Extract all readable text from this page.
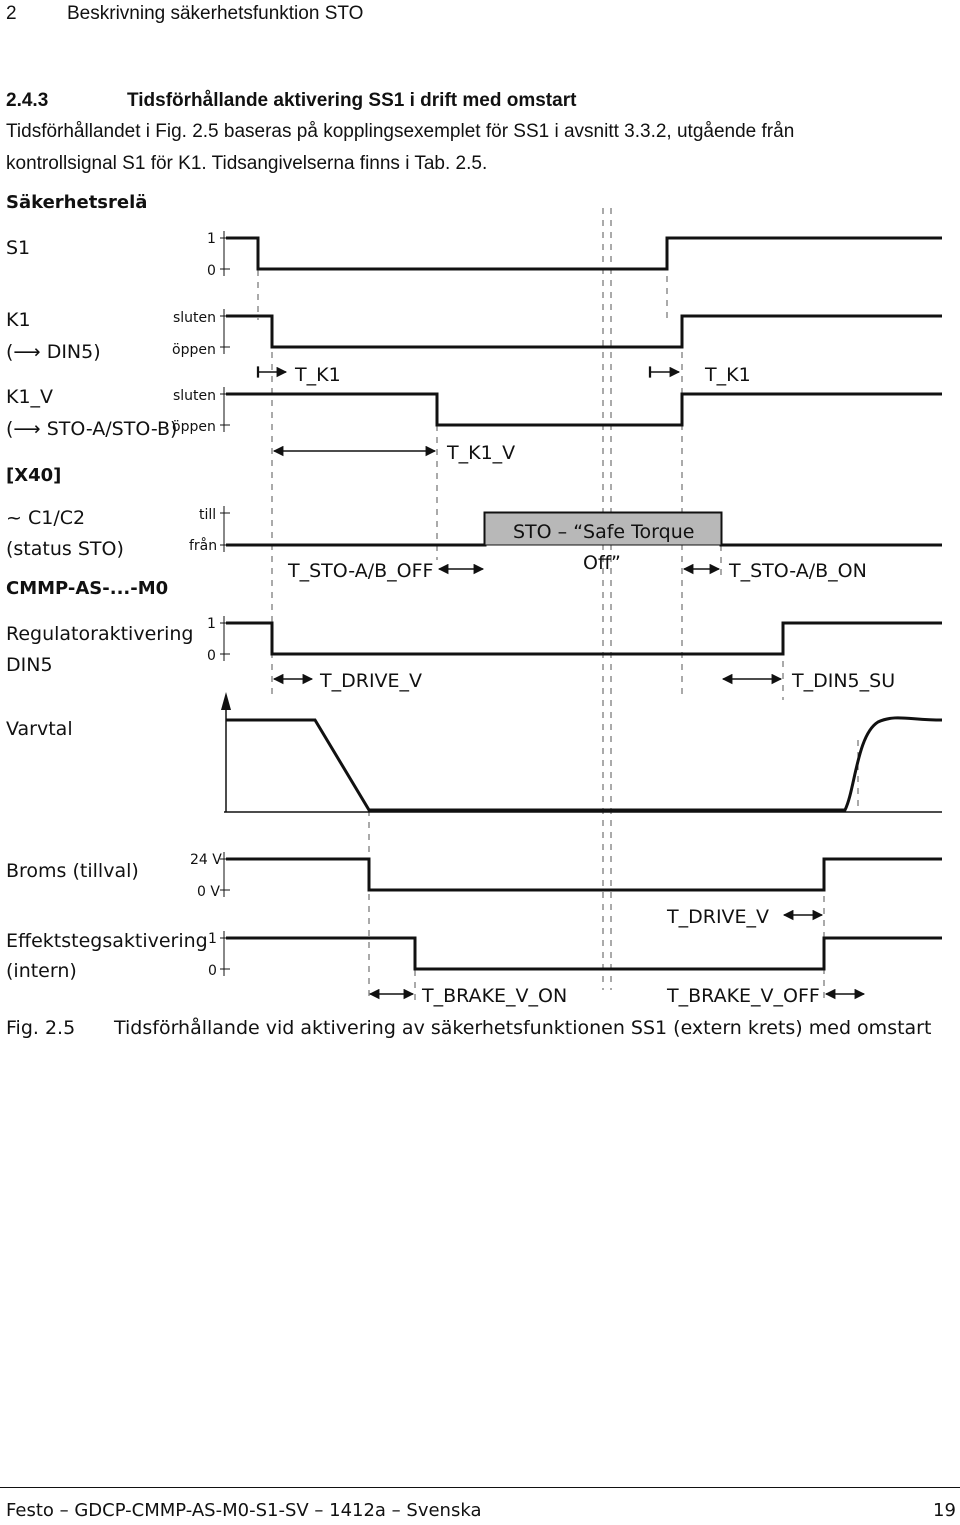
2	Beskrivning säkerhetsfunktion STO
2.4.3	Tidsförhållande aktivering SS1 i drift med omstart
Tidsförhållandet i Fig. 2.5 baseras på kopplingsexemplet för SS1 i avsnitt 3.3.2, utgående från
kontrollsignal S1 för K1. Tidsangivelserna finns i Tab. 2.5.
Säkerhetsrelä
S1
K1
(⟶ DIN5)
K1_V
(⟶ STO-A/STO-B)
[X40]
~ C1/C2
(status STO)
CMMP-AS-...-M0
Regulatoraktivering
DIN5
Varvtal
Broms (tillval)
Effektstegsaktivering
(intern)
1
0
sluten
öppen
sluten
öppen
till
från
1
0
24 V
0 V
1
0
T_K1	T_K1
T_K1_V
STO – “Safe Torque
Off”
T_STO-A/B_OFF	T_STO-A/B_ON
T_DRIVE_V	T_DIN5_SU
T_DRIVE_V
T_BRAKE_V_ON	T_BRAKE_V_OFF
Fig. 2.5 Tidsförhållande vid aktivering av säkerhetsfunktionen SS1 (extern krets) med omstart
Festo – GDCP-CMMP-AS-M0-S1-SV – 1412a – Svenska	19
